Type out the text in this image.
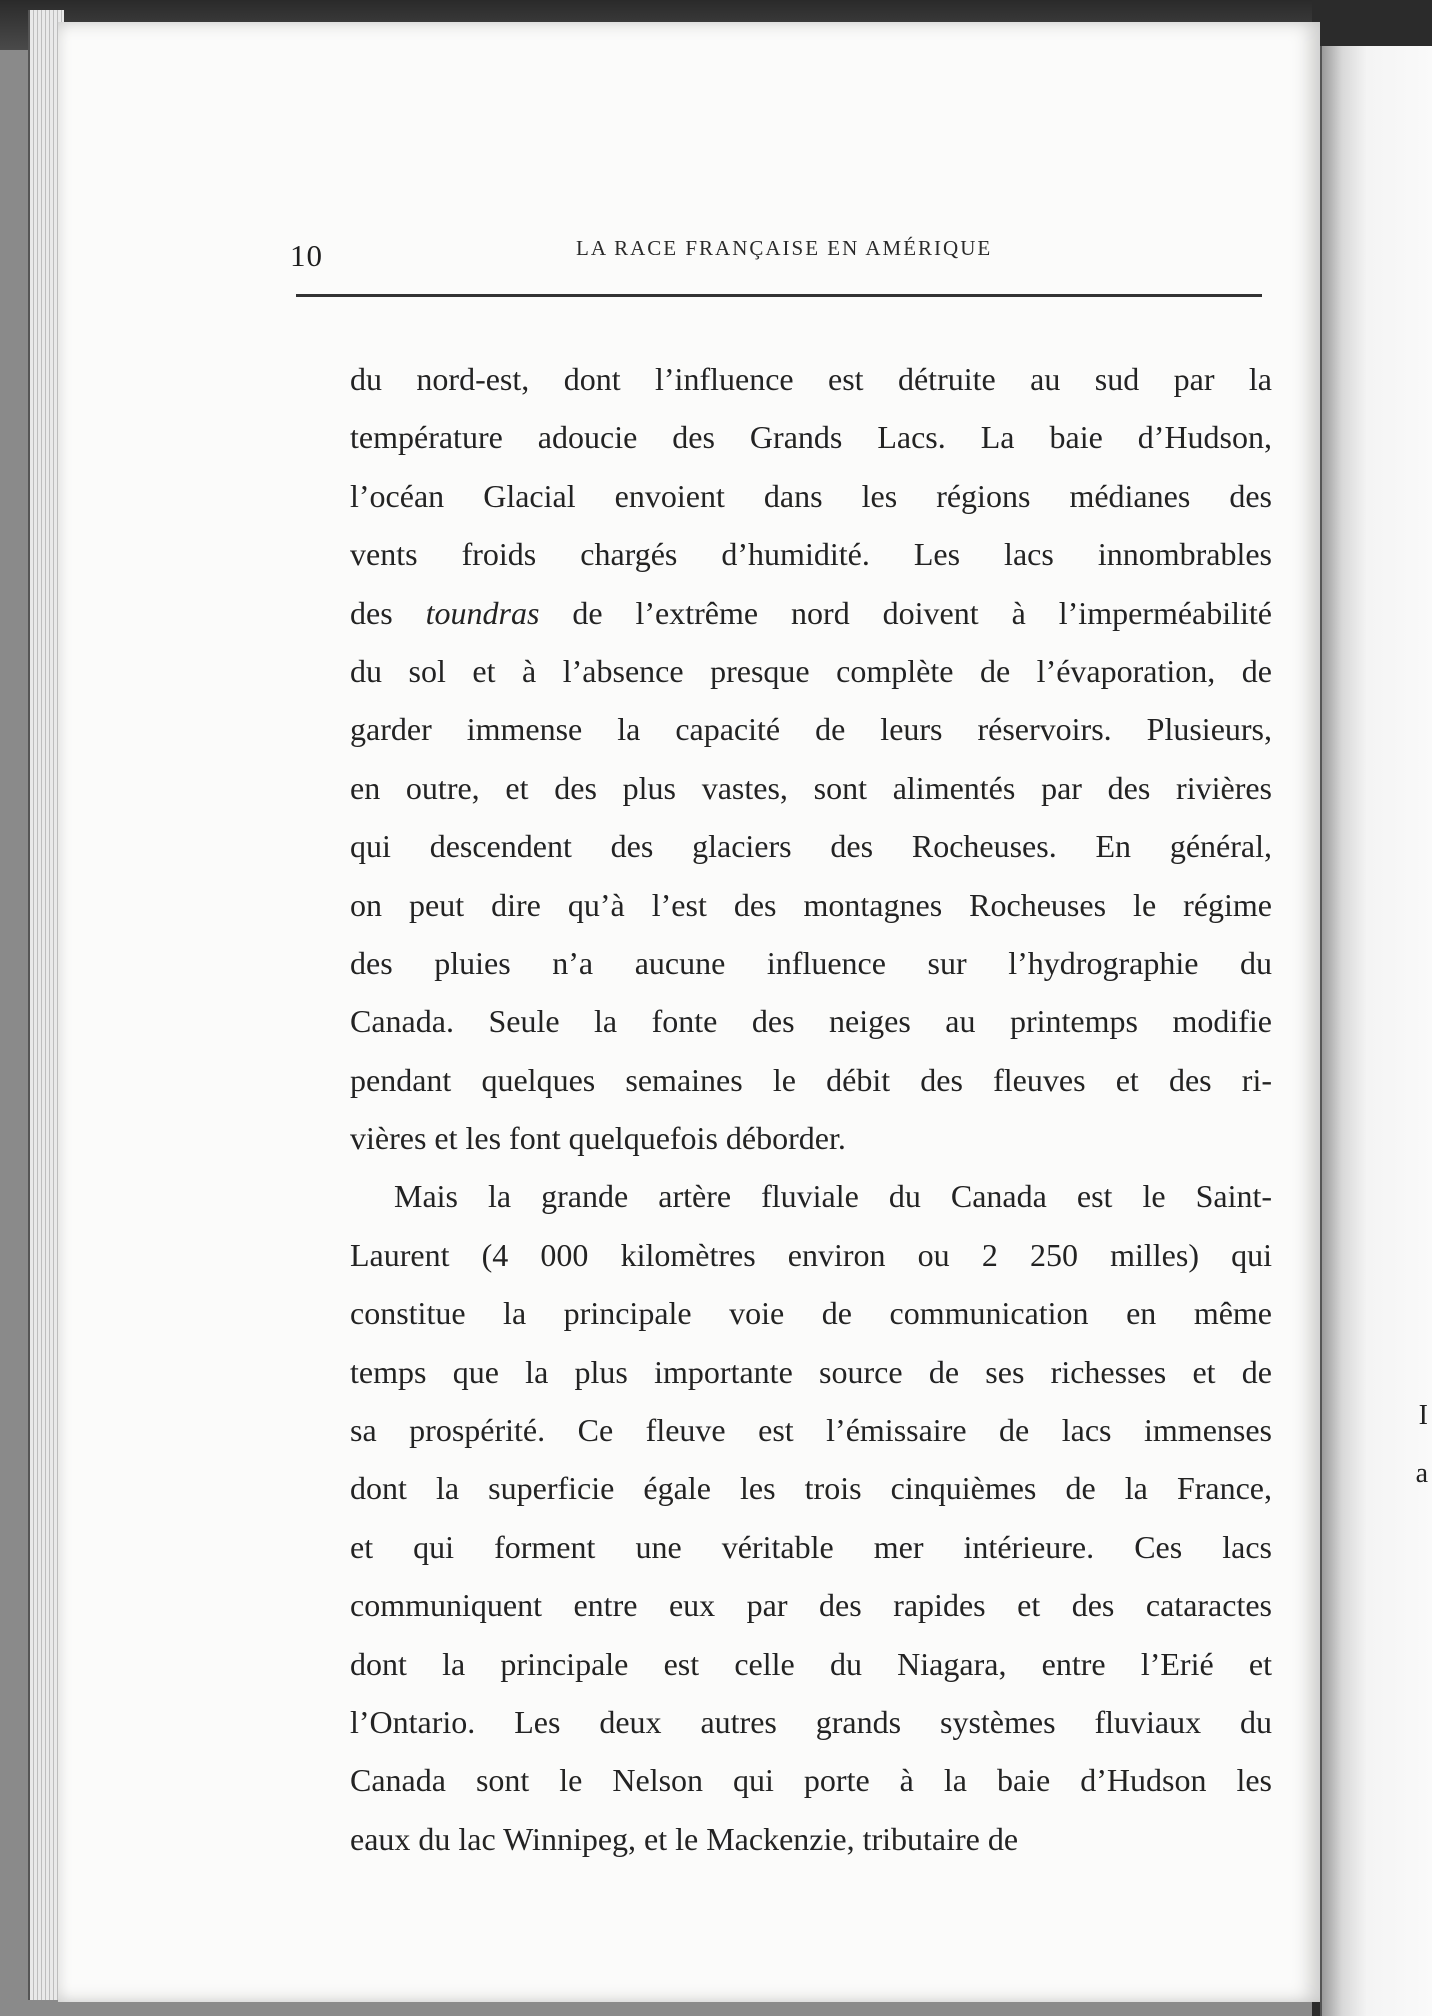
I
a
10	LA RACE FRANÇAISE EN AMÉRIQUE
du nord-est, dont l’influence est détruite au sud par la
température adoucie des Grands Lacs. La baie d’Hudson,
l’océan Glacial envoient dans les régions médianes des
vents froids chargés d’humidité. Les lacs innombrables
des toundras de l’extrême nord doivent à l’imperméabilité
du sol et à l’absence presque complète de l’évaporation, de
garder immense la capacité de leurs réservoirs. Plusieurs,
en outre, et des plus vastes, sont alimentés par des rivières
qui descendent des glaciers des Rocheuses. En général,
on peut dire qu’à l’est des montagnes Rocheuses le régime
des pluies n’a aucune influence sur l’hydrographie du
Canada. Seule la fonte des neiges au printemps modifie
pendant quelques semaines le débit des fleuves et des ri-
vières et les font quelquefois déborder.
Mais la grande artère fluviale du Canada est le Saint-
Laurent (4 000 kilomètres environ ou 2 250 milles) qui
constitue la principale voie de communication en même
temps que la plus importante source de ses richesses et de
sa prospérité. Ce fleuve est l’émissaire de lacs immenses
dont la superficie égale les trois cinquièmes de la France,
et qui forment une véritable mer intérieure. Ces lacs
communiquent entre eux par des rapides et des cataractes
dont la principale est celle du Niagara, entre l’Erié et
l’Ontario. Les deux autres grands systèmes fluviaux du
Canada sont le Nelson qui porte à la baie d’Hudson les
eaux du lac Winnipeg, et le Mackenzie, tributaire de
